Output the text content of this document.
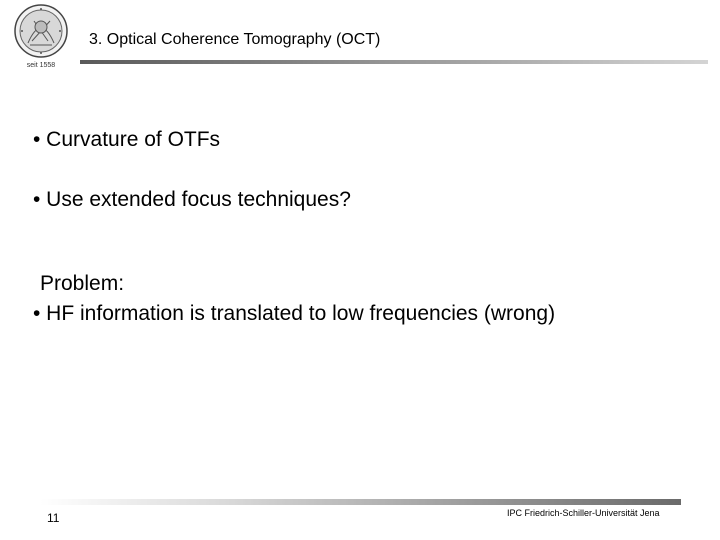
seit 1558
3. Optical Coherence Tomography (OCT)
• Curvature of OTFs
• Use extended focus techniques?
Problem:
• HF information is translated to low frequencies (wrong)
11	IPC Friedrich-Schiller-Universität Jena
